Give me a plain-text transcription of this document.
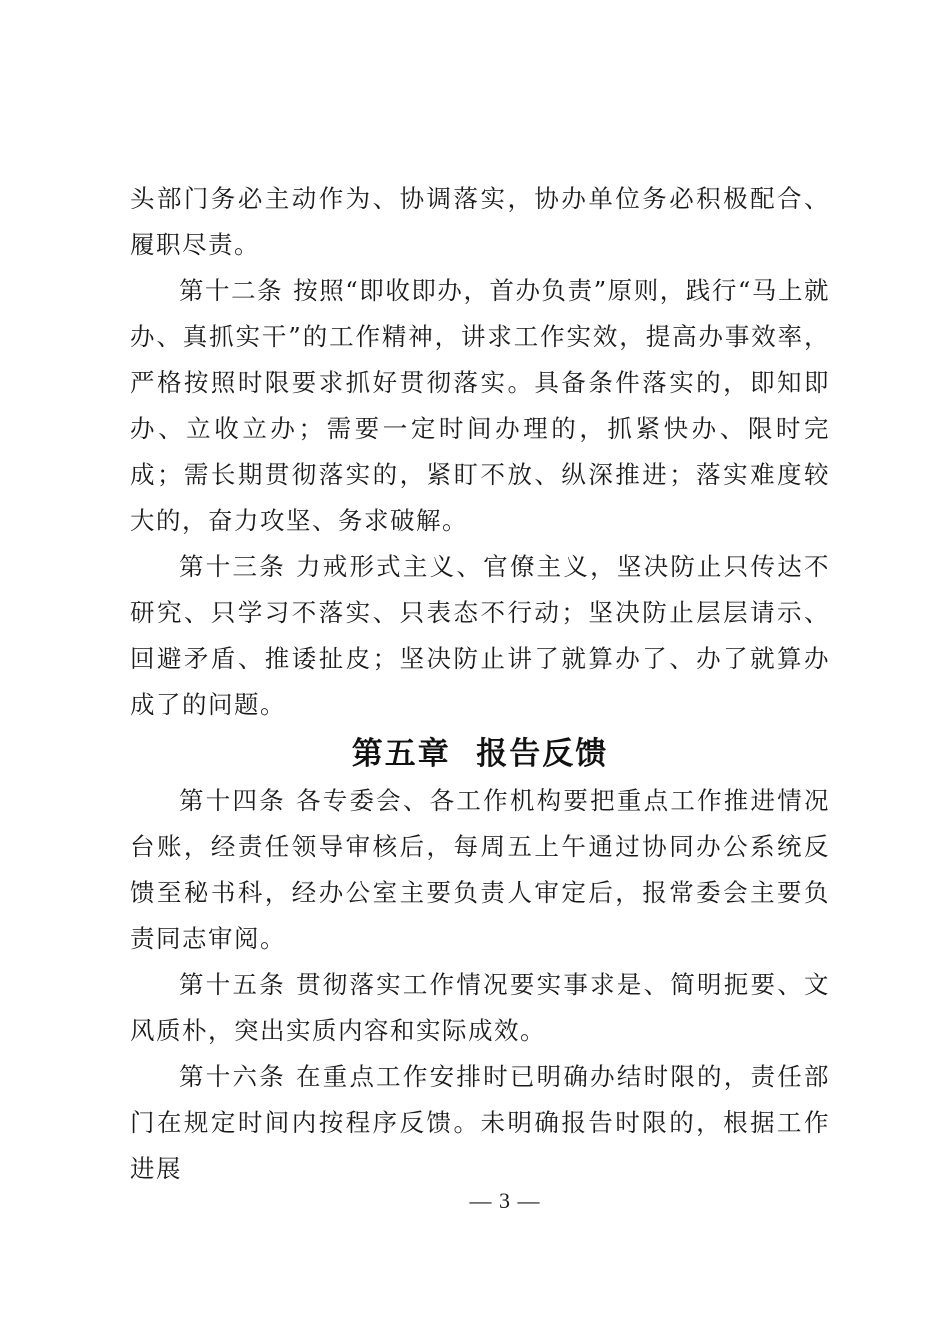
头部门务必主动作为、协调落实，协办单位务必积极配合、履职尽责。

第十二条 按照“即收即办，首办负责”原则，践行“马上就办、真抓实干”的工作精神，讲求工作实效，提高办事效率，严格按照时限要求抓好贯彻落实。具备条件落实的，即知即办、立收立办；需要一定时间办理的，抓紧快办、限时完成；需长期贯彻落实的，紧盯不放、纵深推进；落实难度较大的，奋力攻坚、务求破解。

第十三条 力戒形式主义、官僚主义，坚决防止只传达不研究、只学习不落实、只表态不行动；坚决防止层层请示、回避矛盾、推诿扯皮；坚决防止讲了就算办了、办了就算办成了的问题。

第五章  报告反馈

第十四条 各专委会、各工作机构要把重点工作推进情况台账，经责任领导审核后，每周五上午通过协同办公系统反馈至秘书科，经办公室主要负责人审定后，报常委会主要负责同志审阅。

第十五条 贯彻落实工作情况要实事求是、简明扼要、文风质朴，突出实质内容和实际成效。

第十六条 在重点工作安排时已明确办结时限的，责任部门在规定时间内按程序反馈。未明确报告时限的，根据工作进展

— 3 —
